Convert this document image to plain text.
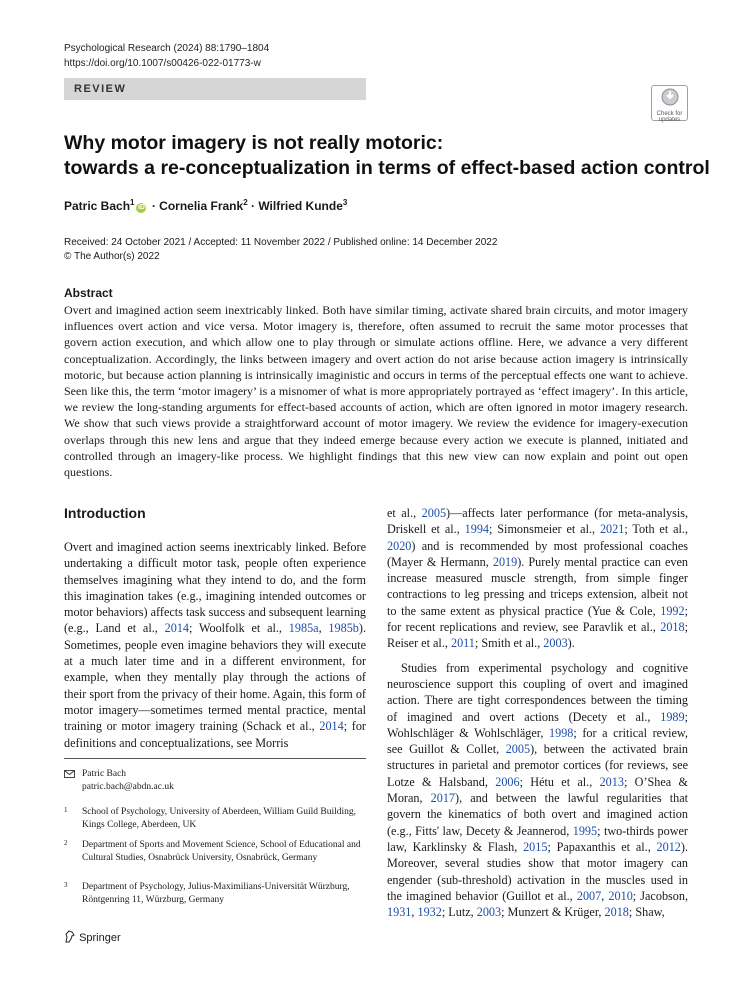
Psychological Research (2024) 88:1790–1804
https://doi.org/10.1007/s00426-022-01773-w
REVIEW
Check for updates
Why motor imagery is not really motoric:
towards a re-conceptualization in terms of effect-based action control
Patric Bach$^1$iD · Cornelia Frank$^2$ · Wilfried Kunde$^3$
Received: 24 October 2021 / Accepted: 11 November 2022 / Published online: 14 December 2022
© The Author(s) 2022
Abstract

Overt and imagined action seem inextricably linked. Both have similar timing, activate shared brain circuits, and motor imagery influences overt action and vice versa. Motor imagery is, therefore, often assumed to recruit the same motor processes that govern action execution, and which allow one to play through or simulate actions offline. Here, we advance a very different conceptualization. Accordingly, the links between imagery and overt action do not arise because action imagery is intrinsically motoric, but because action planning is intrinsically imaginistic and occurs in terms of the perceptual effects one want to achieve. Seen like this, the term ‘motor imagery’ is a misnomer of what is more appropriately portrayed as ‘effect imagery’. In this article, we review the long-standing arguments for effect-based accounts of action, which are often ignored in motor imagery research. We show that such views provide a straightforward account of motor imagery. We review the evidence for imagery-execution overlaps through this new lens and argue that they indeed emerge because every action we execute is planned, initiated and controlled through an imagery-like process. We highlight findings that this new view can now explain and point out open questions.

Introduction

Overt and imagined action seems inextricably linked. Before undertaking a difficult motor task, people often experience themselves imagining what they intend to do, and the form this imagination takes (e.g., imagining intended outcomes or motor behaviors) affects task success and subsequent learning (e.g., Land et al., 2014; Woolfolk et al., 1985a, 1985b). Sometimes, people even imagine behaviors they will execute at a much later time and in a different environment, for example, when they mentally play through the actions of their sport from the privacy of their home. Again, this form of motor imagery—sometimes termed mental practice, mental training or motor imagery training (Schack et al., 2014; for definitions and conceptualizations, see Morris

et al., 2005)—affects later performance (for meta-analysis, Driskell et al., 1994; Simonsmeier et al., 2021; Toth et al., 2020) and is recommended by most professional coaches (Mayer & Hermann, 2019). Purely mental practice can even increase measured muscle strength, from simple finger contractions to leg pressing and triceps extension, albeit not to the same extent as physical practice (Yue & Cole, 1992; for recent replications and review, see Paravlik et al., 2018; Reiser et al., 2011; Smith et al., 2003).

Studies from experimental psychology and cognitive neuroscience support this coupling of overt and imagined action. There are tight correspondences between the timing of imagined and overt actions (Decety et al., 1989; Wohlschläger & Wohlschläger, 1998; for a critical review, see Guillot & Collet, 2005), between the activated brain structures in parietal and premotor cortices (for reviews, see Lotze & Halsband, 2006; Hétu et al., 2013; O’Shea & Moran, 2017), and between the lawful regularities that govern the kinematics of both overt and imagined action (e.g., Fitts' law, Decety & Jeannerod, 1995; two-thirds power law, Karklinsky & Flash, 2015; Papaxanthis et al., 2012). Moreover, several studies show that motor imagery can engender (sub-threshold) activation in the muscles used in the imagined behavior (Guillot et al., 2007, 2010; Jacobson, 1931, 1932; Lutz, 2003; Munzert & Krüger, 2018; Shaw,

Patric Bach
patric.bach@abdn.ac.uk
1 School of Psychology, University of Aberdeen, William Guild Building, Kings College, Aberdeen, UK
2 Department of Sports and Movement Science, School of Educational and Cultural Studies, Osnabrück University, Osnabrück, Germany
3 Department of Psychology, Julius-Maximilians-Universität Würzburg, Röntgenring 11, Würzburg, Germany
Springer
